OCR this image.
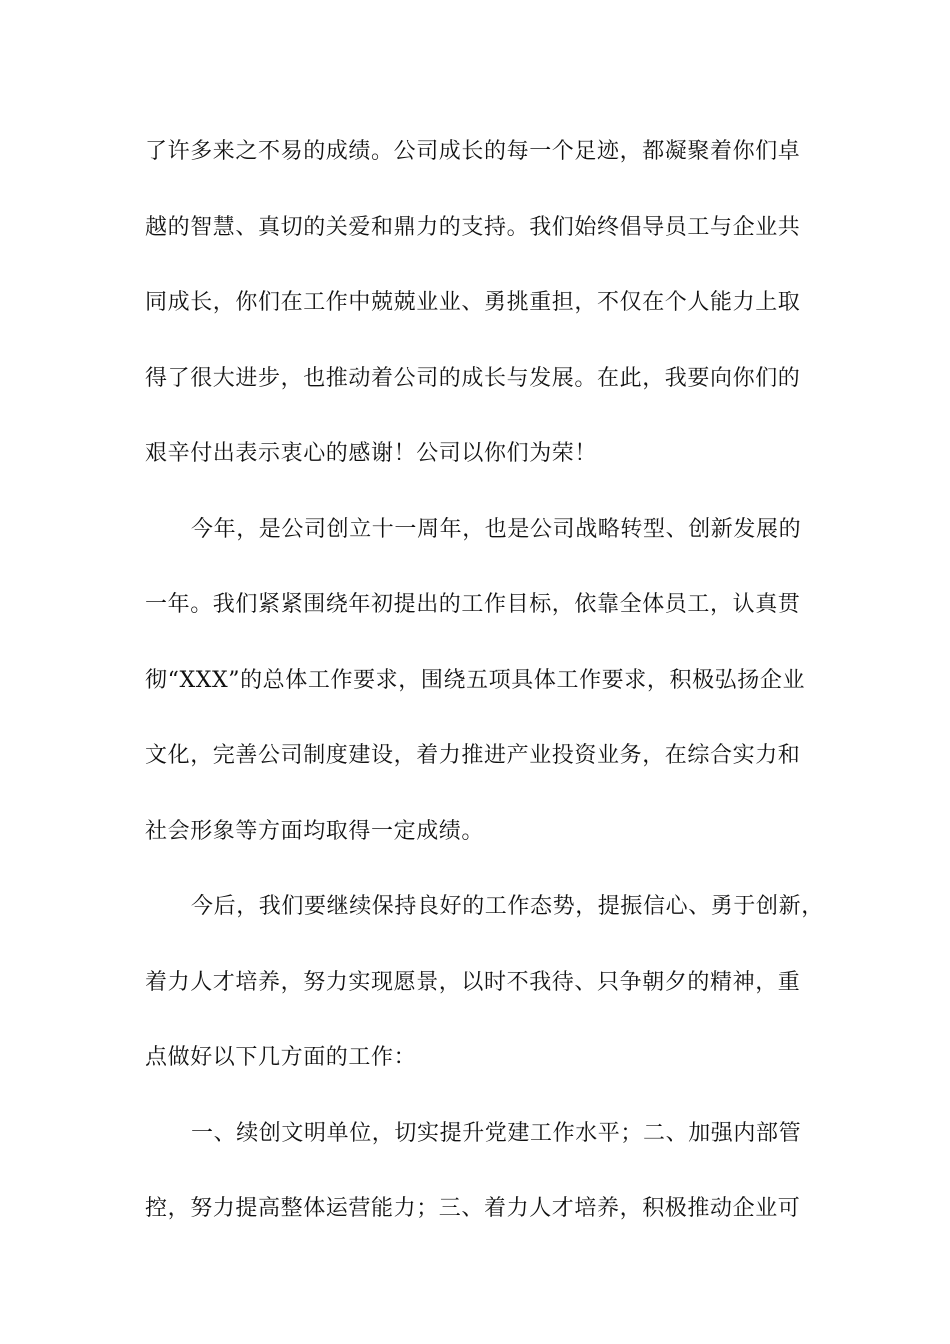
了许多来之不易的成绩。公司成长的每一个足迹，都凝聚着你们卓
越的智慧、真切的关爱和鼎力的支持。我们始终倡导员工与企业共
同成长，你们在工作中兢兢业业、勇挑重担，不仅在个人能力上取
得了很大进步，也推动着公司的成长与发展。在此，我要向你们的
艰辛付出表示衷心的感谢！公司以你们为荣！
今年，是公司创立十一周年，也是公司战略转型、创新发展的
一年。我们紧紧围绕年初提出的工作目标，依靠全体员工，认真贯
彻“XXX”的总体工作要求，围绕五项具体工作要求，积极弘扬企业
文化，完善公司制度建设，着力推进产业投资业务，在综合实力和
社会形象等方面均取得一定成绩。
今后，我们要继续保持良好的工作态势，提振信心、勇于创新，
着力人才培养，努力实现愿景，以时不我待、只争朝夕的精神，重
点做好以下几方面的工作：
一、续创文明单位，切实提升党建工作水平；二、加强内部管
控，努力提高整体运营能力；三、着力人才培养，积极推动企业可
